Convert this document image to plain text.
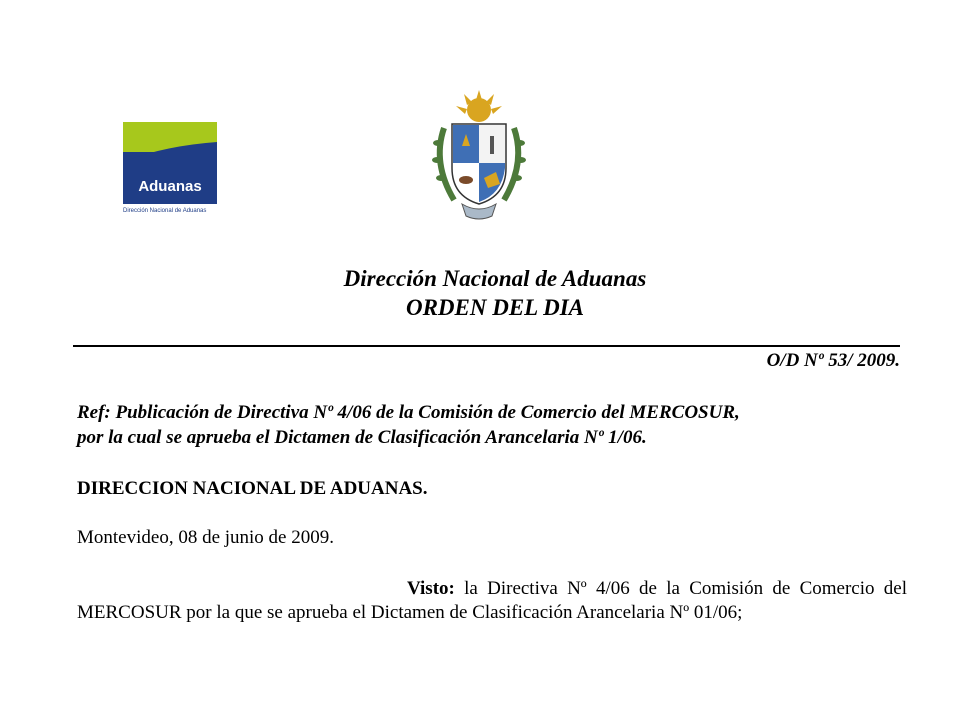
Aduanas
Dirección Nacional de Aduanas
Dirección Nacional de Aduanas
ORDEN DEL DIA
O/D Nº 53/ 2009.
Ref: Publicación de Directiva Nº 4/06 de la Comisión de Comercio del MERCOSUR,
por la cual se aprueba el Dictamen de Clasificación Arancelaria Nº 1/06.
DIRECCION NACIONAL DE ADUANAS.
Montevideo, 08 de junio de 2009.
Visto: la Directiva Nº 4/06 de la Comisión de Comercio del MERCOSUR por la que se aprueba el Dictamen de Clasificación Arancelaria Nº 01/06;
